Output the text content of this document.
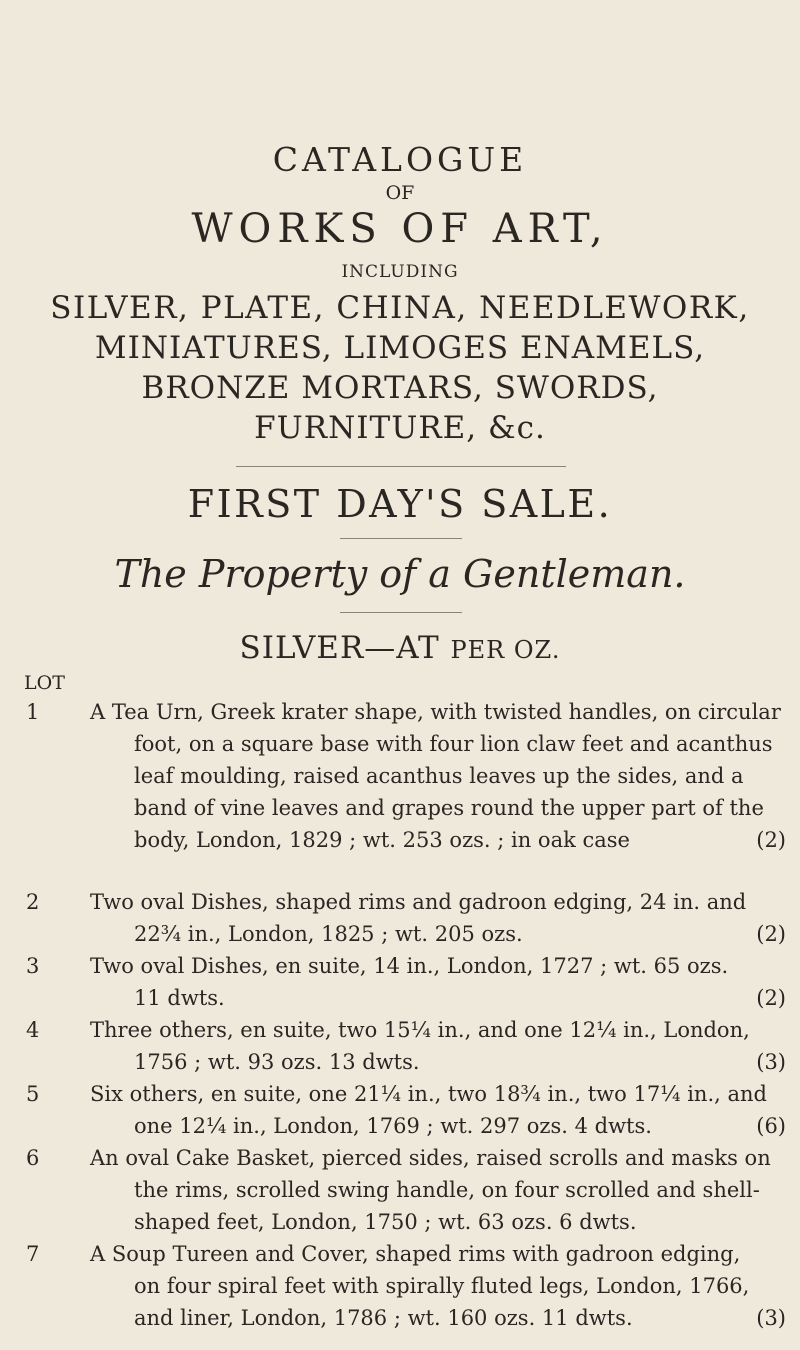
CATALOGUE
OF
WORKS OF ART,
INCLUDING
SILVER, PLATE, CHINA, NEEDLEWORK,
MINIATURES, LIMOGES ENAMELS,
BRONZE MORTARS, SWORDS,
FURNITURE, &c.
FIRST DAY'S SALE.
The Property of a Gentleman.
SILVER—AT PER OZ.
LOT
1	A Tea Urn, Greek krater shape, with twisted handles, on circular
foot, on a square base with four lion claw feet and acanthus
leaf moulding, raised acanthus leaves up the sides, and a
band of vine leaves and grapes round the upper part of the
body, London, 1829 ; wt. 253 ozs. ; in oak case	(2)
2	Two oval Dishes, shaped rims and gadroon edging, 24 in. and
22¾ in., London, 1825 ; wt. 205 ozs.	(2)
3	Two oval Dishes, en suite, 14 in., London, 1727 ; wt. 65 ozs.
11 dwts.	(2)
4	Three others, en suite, two 15¼ in., and one 12¼ in., London,
1756 ; wt. 93 ozs. 13 dwts.	(3)
5	Six others, en suite, one 21¼ in., two 18¾ in., two 17¼ in., and
one 12¼ in., London, 1769 ; wt. 297 ozs. 4 dwts.	(6)
6	An oval Cake Basket, pierced sides, raised scrolls and masks on
the rims, scrolled swing handle, on four scrolled and shell-
shaped feet, London, 1750 ; wt. 63 ozs. 6 dwts.
7	A Soup Tureen and Cover, shaped rims with gadroon edging,
on four spiral feet with spirally fluted legs, London, 1766,
and liner, London, 1786 ; wt. 160 ozs. 11 dwts.	(3)
